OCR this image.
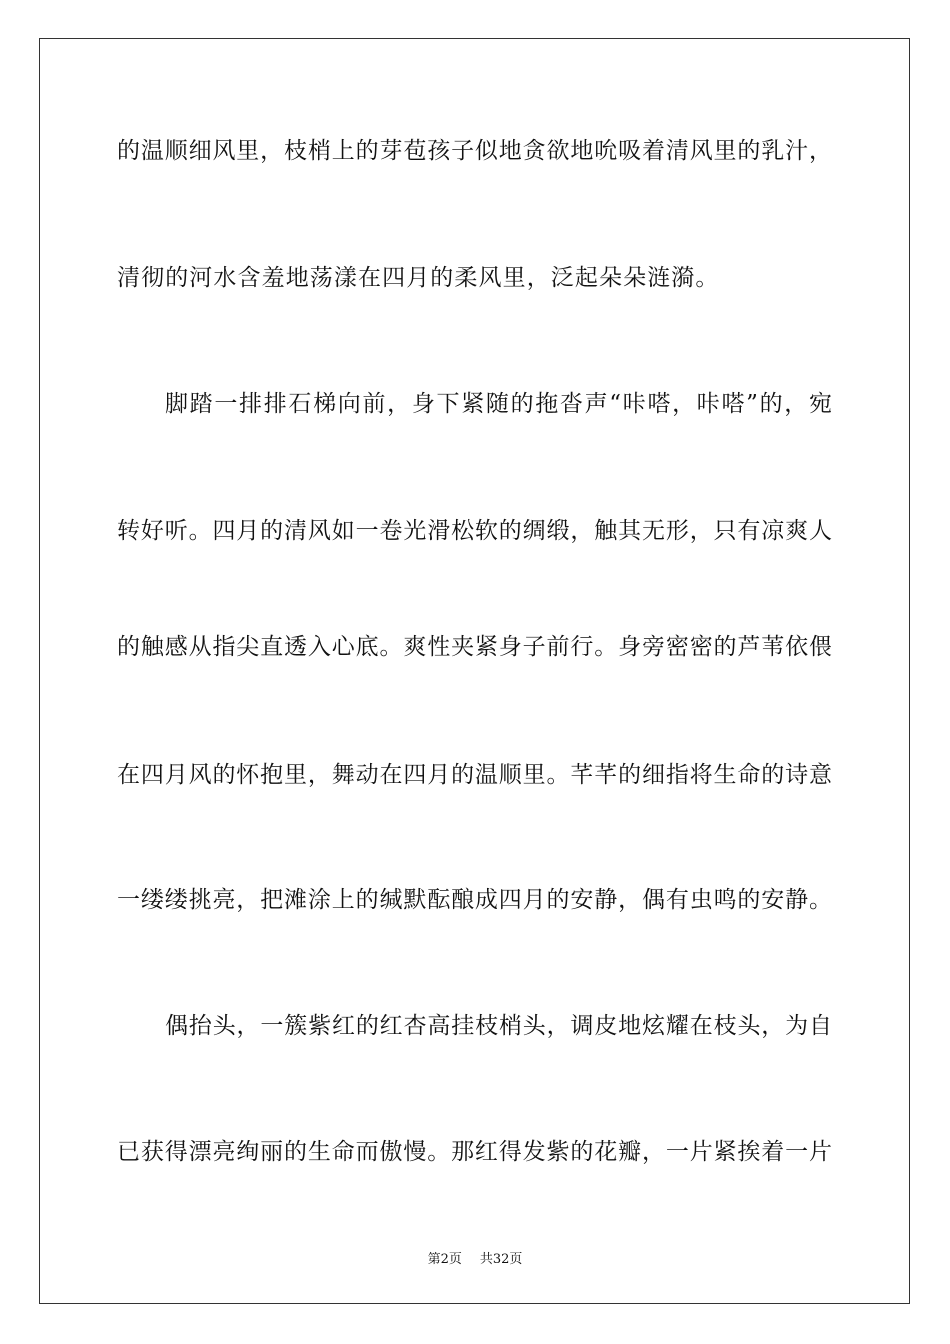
的温顺细风里，枝梢上的芽苞孩子似地贪欲地吮吸着清风里的乳汁，
清彻的河水含羞地荡漾在四月的柔风里，泛起朵朵涟漪。
脚踏一排排石梯向前，身下紧随的拖沓声“咔嗒，咔嗒”的，宛
转好听。四月的清风如一卷光滑松软的绸缎，触其无形，只有凉爽人
的触感从指尖直透入心底。爽性夹紧身子前行。身旁密密的芦苇依偎
在四月风的怀抱里，舞动在四月的温顺里。芊芊的细指将生命的诗意
一缕缕挑亮，把滩涂上的缄默酝酿成四月的安静，偶有虫鸣的安静。
偶抬头，一簇紫红的红杏高挂枝梢头，调皮地炫耀在枝头，为自
已获得漂亮绚丽的生命而傲慢。那红得发紫的花瓣，一片紧挨着一片
第2页 共32页
